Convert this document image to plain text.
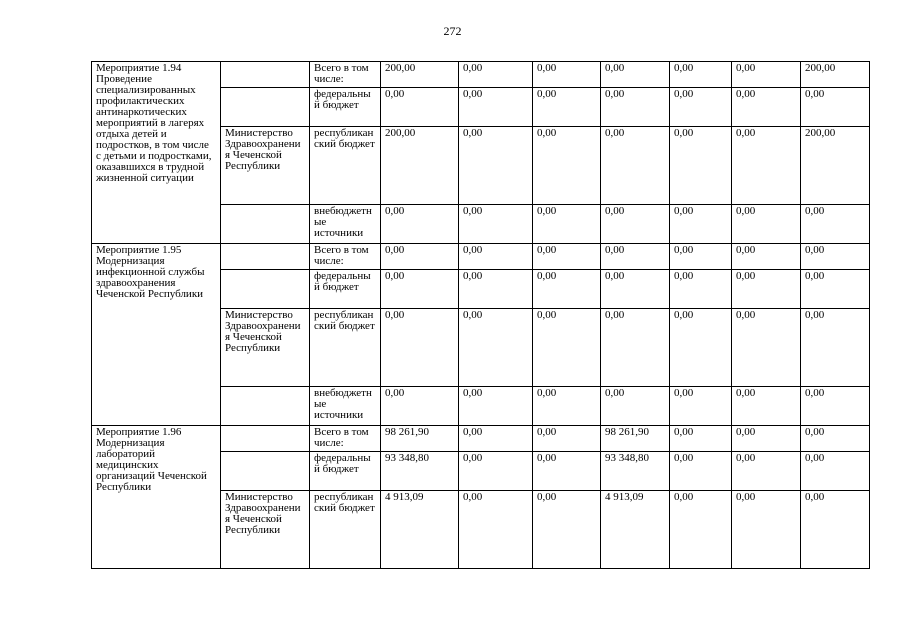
272
Мероприятие 1.94 Проведение специализированных профилактических антинаркотических мероприятий в лагерях отдыха детей и подростков, в том числе с детьми и подростками, оказавшихся в трудной жизненной ситуации		Всего в том числе:	200,00	0,00	0,00	0,00	0,00	0,00	200,00
		федеральный бюджет	0,00	0,00	0,00	0,00	0,00	0,00	0,00
	Министерство Здравоохранения Чеченской Республики	республиканский бюджет	200,00	0,00	0,00	0,00	0,00	0,00	200,00
		внебюджетные источники	0,00	0,00	0,00	0,00	0,00	0,00	0,00
Мероприятие 1.95 Модернизация инфекционной службы здравоохранения Чеченской Республики		Всего в том числе:	0,00	0,00	0,00	0,00	0,00	0,00	0,00
		федеральный бюджет	0,00	0,00	0,00	0,00	0,00	0,00	0,00
	Министерство Здравоохранения Чеченской Республики	республиканский бюджет	0,00	0,00	0,00	0,00	0,00	0,00	0,00
		внебюджетные источники	0,00	0,00	0,00	0,00	0,00	0,00	0,00
Мероприятие 1.96 Модернизация лабораторий медицинских организаций Чеченской Республики		Всего в том числе:	98 261,90	0,00	0,00	98 261,90	0,00	0,00	0,00
		федеральный бюджет	93 348,80	0,00	0,00	93 348,80	0,00	0,00	0,00
	Министерство Здравоохранения Чеченской Республики	республиканский бюджет	4 913,09	0,00	0,00	4 913,09	0,00	0,00	0,00
